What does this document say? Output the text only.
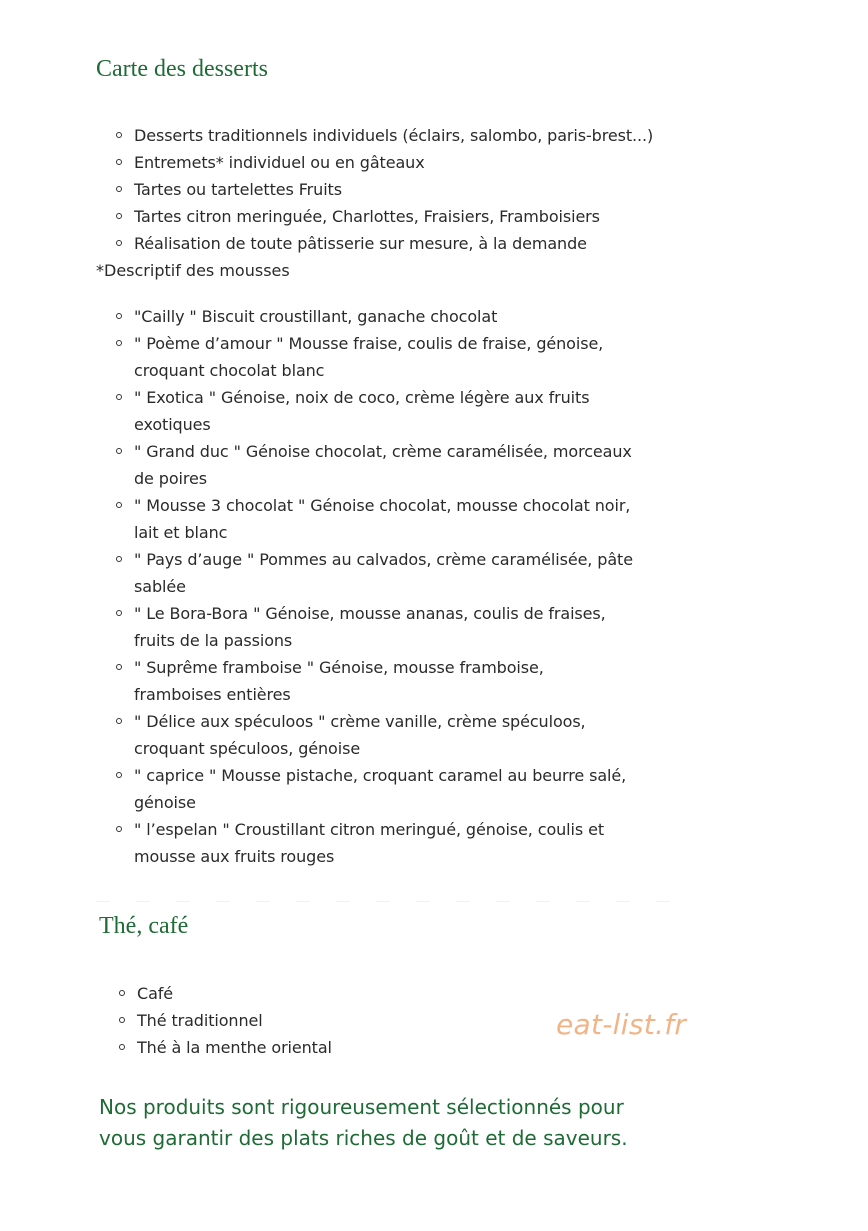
Carte des desserts
Desserts traditionnels individuels (éclairs, salombo, paris-brest...)
Entremets* individuel ou en gâteaux
Tartes ou tartelettes Fruits
Tartes citron meringuée, Charlottes, Fraisiers, Framboisiers
Réalisation de toute pâtisserie sur mesure, à la demande
*Descriptif des mousses
"Cailly " Biscuit croustillant, ganache chocolat
" Poème d’amour " Mousse fraise, coulis de fraise, génoise, croquant chocolat blanc
" Exotica " Génoise, noix de coco, crème légère aux fruits exotiques
" Grand duc " Génoise chocolat, crème caramélisée, morceaux de poires
" Mousse 3 chocolat " Génoise chocolat, mousse chocolat noir, lait et blanc
" Pays d’auge " Pommes au calvados, crème caramélisée, pâte sablée
" Le Bora-Bora " Génoise, mousse ananas, coulis de fraises, fruits de la passions
" Suprême framboise " Génoise, mousse framboise, framboises entières
" Délice aux spéculoos " crème vanille, crème spéculoos, croquant spéculoos, génoise
" caprice " Mousse pistache, croquant caramel au beurre salé, génoise
" l’espelan " Croustillant citron meringué, génoise, coulis et mousse aux fruits rouges
Thé, café
Café
Thé traditionnel
Thé à la menthe oriental
eat-list.fr
Nos produits sont rigoureusement sélectionnés pour vous garantir des plats riches de goût et de saveurs.
